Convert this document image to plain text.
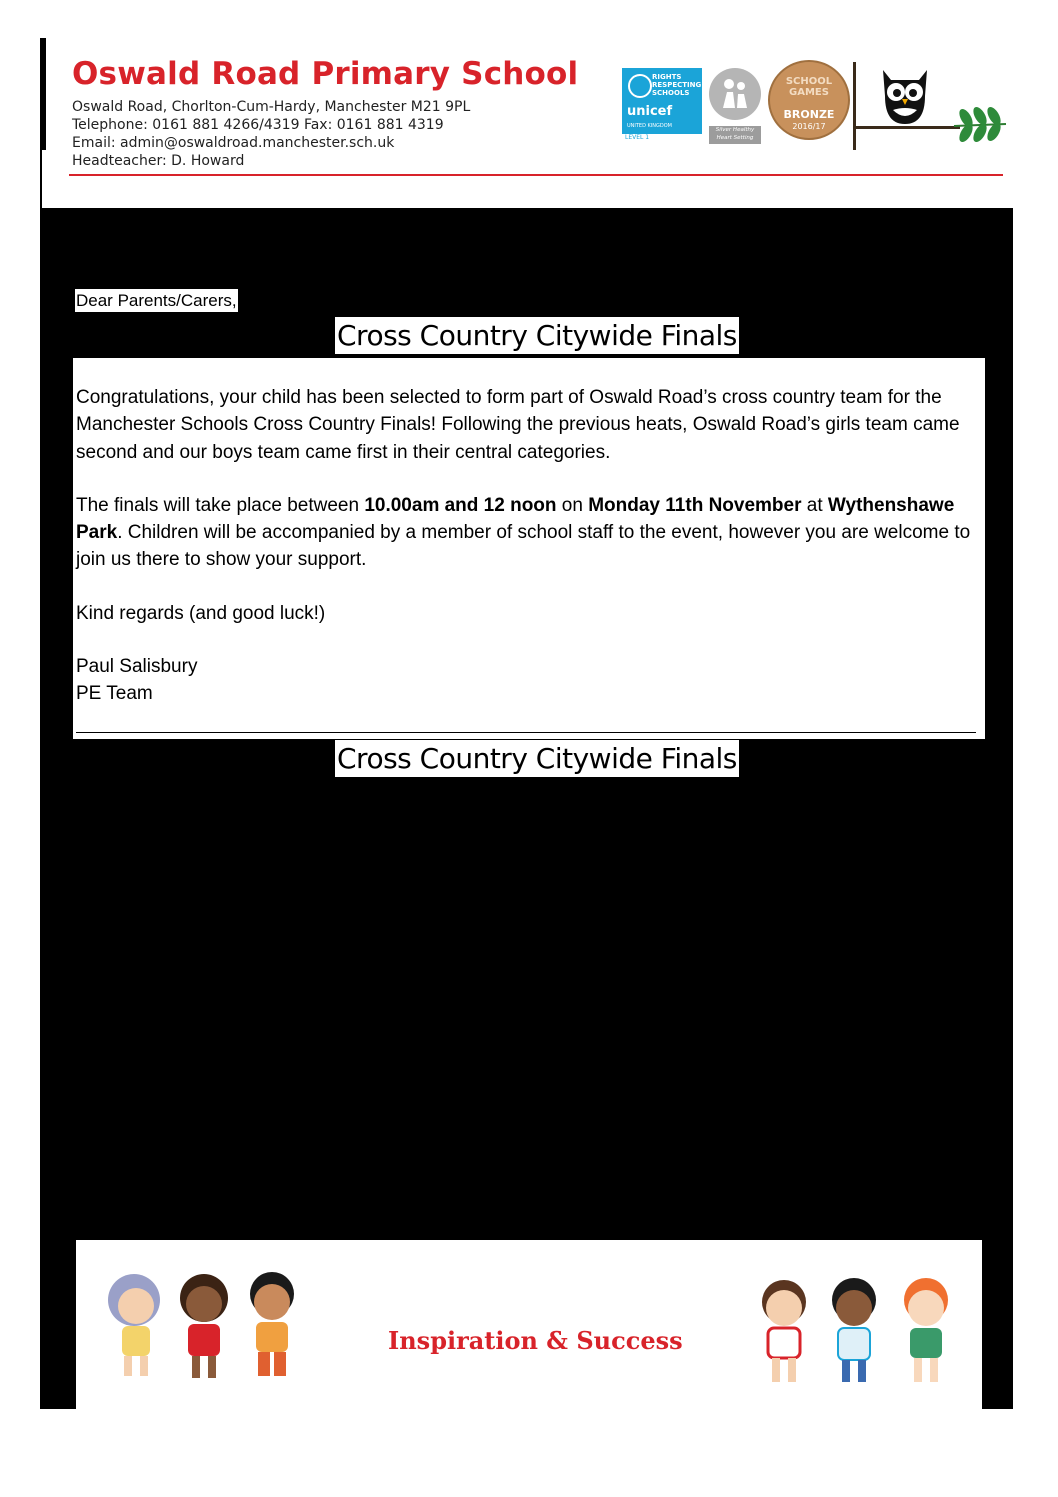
Oswald Road Primary School
Oswald Road, Chorlton-Cum-Hardy, Manchester M21 9PL
Telephone: 0161 881 4266/4319 Fax: 0161 881 4319
Email: admin@oswaldroad.manchester.sch.uk
Headteacher: D. Howard
RIGHTS RESPECTING SCHOOLS
unicef
UNITED KINGDOM
LEVEL 1
Silver Healthy Heart Setting
SCHOOL GAMES
BRONZE
2016/17
Dear Parents/Carers,
Cross Country Citywide Finals

Congratulations, your child has been selected to form part of Oswald Road’s cross country team for the Manchester Schools Cross Country Finals! Following the previous heats, Oswald Road’s girls team came second and our boys team came first in their central categories.

The finals will take place between 10.00am and 12 noon on Monday 11th November at Wythenshawe Park. Children will be accompanied by a member of school staff to the event, however you are welcome to join us there to show your support.

Kind regards (and good luck!)

Paul Salisbury

PE Team

Cross Country Citywide Finals
Inspiration & Success
